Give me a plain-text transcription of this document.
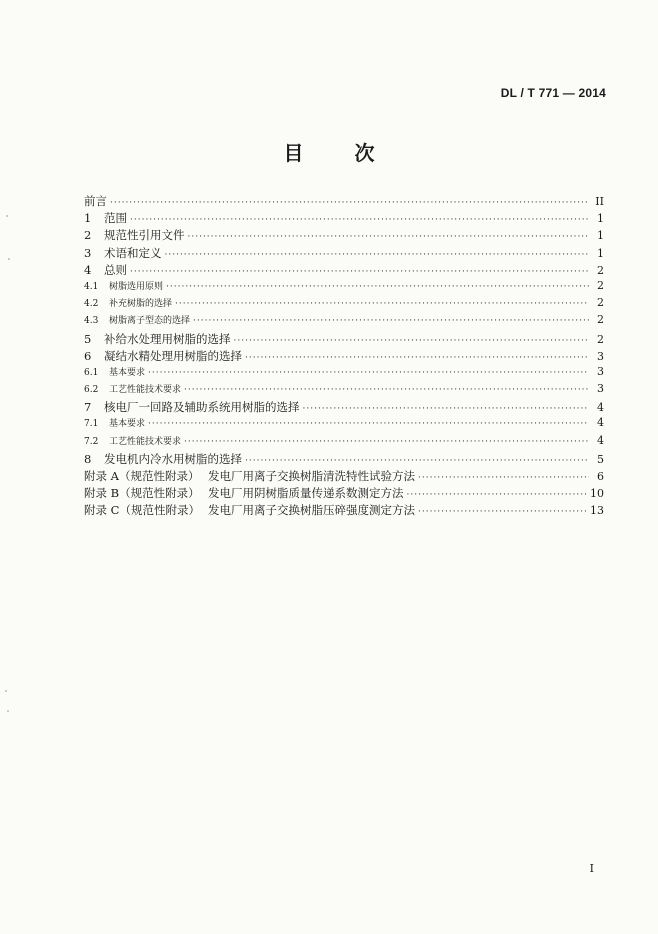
DL / T 771 — 2014
目 次
前言 ·····	II
1	范围 ·····	1
2	规范性引用文件 ·····	1
3	术语和定义 ·····	1
4	总则 ·····	2
4.1	树脂选用原则 ·····	2
4.2	补充树脂的选择 ·····	2
4.3	树脂离子型态的选择 ·····	2
5	补给水处理用树脂的选择 ·····	2
6	凝结水精处理用树脂的选择 ·····	3
6.1	基本要求 ·····	3
6.2	工艺性能技术要求 ·····	3
7	核电厂一回路及辅助系统用树脂的选择 ·····	4
7.1	基本要求 ·····	4
7.2	工艺性能技术要求 ·····	4
8	发电机内冷水用树脂的选择 ·····	5
附录 A（规范性附录） 发电厂用离子交换树脂清洗特性试验方法 ·····	6
附录 B（规范性附录） 发电厂用阴树脂质量传递系数测定方法 ·····	10
附录 C（规范性附录） 发电厂用离子交换树脂压碎强度测定方法 ·····	13
I
